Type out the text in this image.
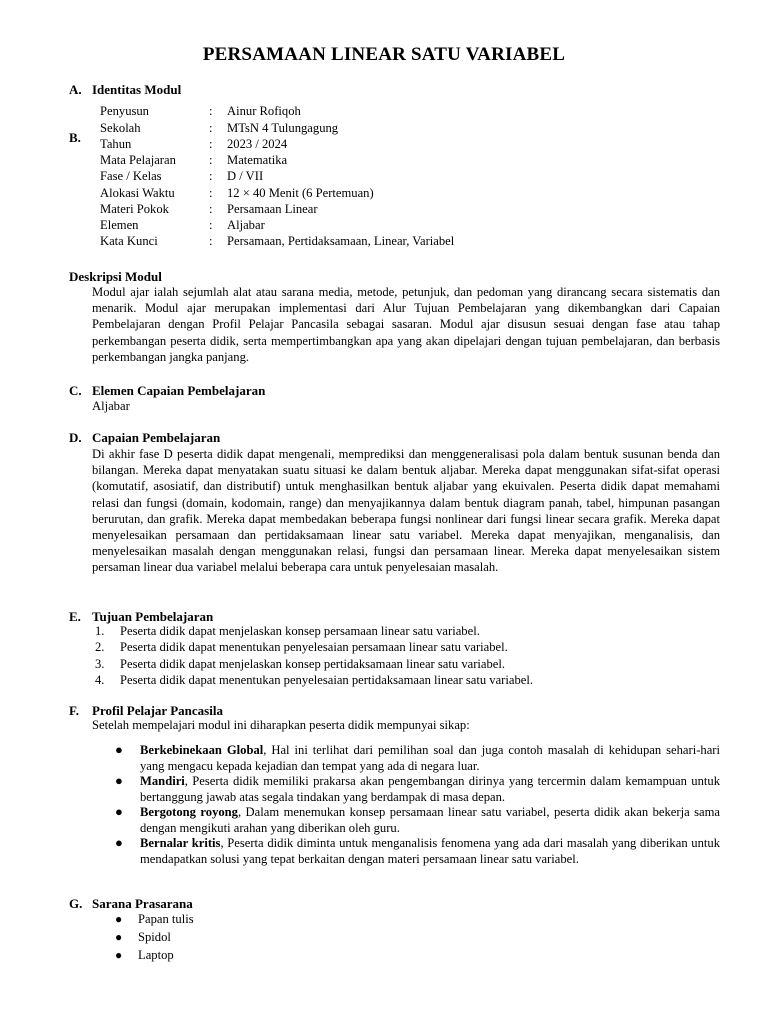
PERSAMAAN LINEAR SATU VARIABEL
A. Identitas Modul
B.
Penyusun	: Ainur Rofiqoh
Sekolah	: MTsN 4 Tulungagung
Tahun	: 2023 / 2024
Mata Pelajaran	: Matematika
Fase / Kelas	: D / VII
Alokasi Waktu	: 12 × 40 Menit (6 Pertemuan)
Materi Pokok	: Persamaan Linear
Elemen	: Aljabar
Kata Kunci	: Persamaan, Pertidaksamaan, Linear, Variabel
Deskripsi Modul
Modul ajar ialah sejumlah alat atau sarana media, metode, petunjuk, dan pedoman yang dirancang secara sistematis dan menarik. Modul ajar merupakan implementasi dari Alur Tujuan Pembelajaran yang dikembangkan dari Capaian Pembelajaran dengan Profil Pelajar Pancasila sebagai sasaran. Modul ajar disusun sesuai dengan fase atau tahap perkembangan peserta didik, serta mempertimbangkan apa yang akan dipelajari dengan tujuan pembelajaran, dan berbasis perkembangan jangka panjang.
C. Elemen Capaian Pembelajaran
Aljabar
D. Capaian Pembelajaran
Di akhir fase D peserta didik dapat mengenali, memprediksi dan menggeneralisasi pola dalam bentuk susunan benda dan bilangan. Mereka dapat menyatakan suatu situasi ke dalam bentuk aljabar. Mereka dapat menggunakan sifat-sifat operasi (komutatif, asosiatif, dan distributif) untuk menghasilkan bentuk aljabar yang ekuivalen. Peserta didik dapat memahami relasi dan fungsi (domain, kodomain, range) dan menyajikannya dalam bentuk diagram panah, tabel, himpunan pasangan berurutan, dan grafik. Mereka dapat membedakan beberapa fungsi nonlinear dari fungsi linear secara grafik. Mereka dapat menyelesaikan persamaan dan pertidaksamaan linear satu variabel. Mereka dapat menyajikan, menganalisis, dan menyelesaikan masalah dengan menggunakan relasi, fungsi dan persamaan linear. Mereka dapat menyelesaikan sistem persaman linear dua variabel melalui beberapa cara untuk penyelesaian masalah.
E. Tujuan Pembelajaran
1. Peserta didik dapat menjelaskan konsep persamaan linear satu variabel.
2. Peserta didik dapat menentukan penyelesaian persamaan linear satu variabel.
3. Peserta didik dapat menjelaskan konsep pertidaksamaan linear satu variabel.
4. Peserta didik dapat menentukan penyelesaian pertidaksamaan linear satu variabel.
F. Profil Pelajar Pancasila
Setelah mempelajari modul ini diharapkan peserta didik mempunyai sikap:
● Berkebinekaan Global, Hal ini terlihat dari pemilihan soal dan juga contoh masalah di kehidupan sehari-hari yang mengacu kepada kejadian dan tempat yang ada di negara luar.
● Mandiri, Peserta didik memiliki prakarsa akan pengembangan dirinya yang tercermin dalam kemampuan untuk bertanggung jawab atas segala tindakan yang berdampak di masa depan.
● Bergotong royong, Dalam menemukan konsep persamaan linear satu variabel, peserta didik akan bekerja sama dengan mengikuti arahan yang diberikan oleh guru.
● Bernalar kritis, Peserta didik diminta untuk menganalisis fenomena yang ada dari masalah yang diberikan untuk mendapatkan solusi yang tepat berkaitan dengan materi persamaan linear satu variabel.
G. Sarana Prasarana
● Papan tulis
● Spidol
● Laptop
